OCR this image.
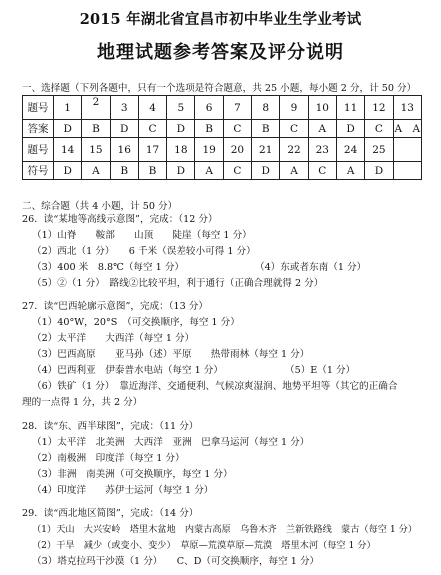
2015 年湖北省宜昌市初中毕业生学业考试
地理试题参考答案及评分说明
一、选择题（下列各题中，只有一个选项是符合题意，共 25 小题，每小题 2 分，计 50 分）
题号	1	2	3	4	5	6	7	8	9	10	11	12	13
答案	D	B	D	C	D	B	C	B	C	A	D	C	A　 A
题号	14	15	16	17	18	19	20	21	22	23	24	25	
符号	D	A	B	B	D	A	C	D	A	C	A	D	
二、综合题（共 4 小题，计 50 分）
26．读“某地等高线示意图”，完成：（12 分）
（1）山脊　　鞍部　　山顶　　陡崖（每空 1 分）
（2）西北（1 分）　　6 千米（误差较小可得 1 分）
（3）400 米　8.8℃（每空 1 分）	（4）东或者东南（1 分）
（5）②（1 分）　路线②比较平坦，利于通行（正确合理就得 2 分）
27．读“巴西轮廓示意图”，完成：（13 分）
（1）40°W，20°S　（可交换顺序，每空 1 分）
（2）太平洋　　大西洋（每空 1 分）
（3）巴西高原　　亚马孙（述）平原　　热带雨林（每空 1 分）
（4）巴西利亚　伊泰普水电站（每空 1 分）	（5）E（1 分）
（6）铁矿（1 分）　靠近海洋、交通便利、气候凉爽湿润、地势平坦等（其它的正确合
理的一点得 1 分，共 2 分）
28．读“东、西半球图”，完成：（11 分）
（1）太平洋　北美洲　大西洋　亚洲　巴拿马运河（每空 1 分）
（2）南极洲　印度洋（每空 1 分）
（3）非洲　南美洲（可交换顺序，每空 1 分）
（4）印度洋　　苏伊士运河（每空 1 分）
29．读“西北地区简图”，完成：（14 分）
（1）天山　大兴安岭　塔里木盆地　内蒙古高原　乌鲁木齐　兰新铁路线　蒙古（每空 1 分）
（2）干旱　减少（或变小、变少）　草原—荒漠草原—荒漠　塔里木河（每空 1 分）
（3）塔克拉玛干沙漠（1 分）　　C、D（可交换顺序，每空 1 分）
